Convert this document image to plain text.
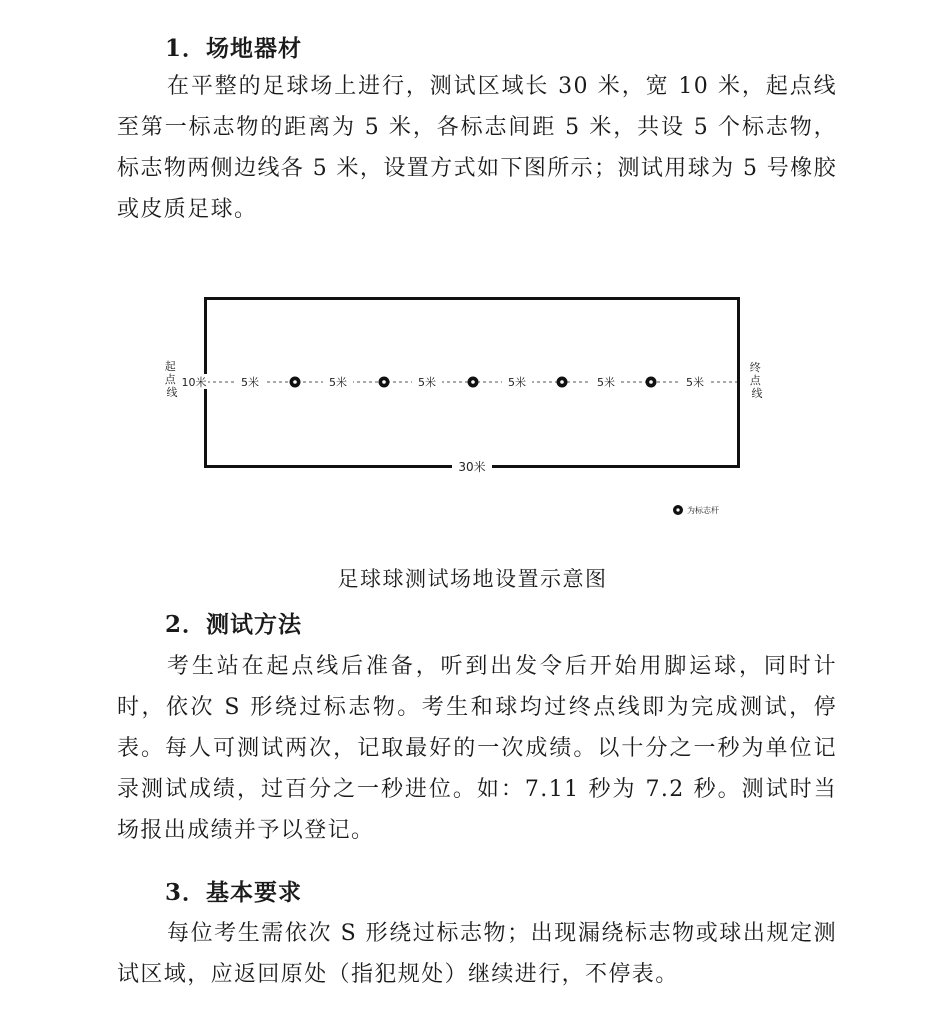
1．场地器材

在平整的足球场上进行，测试区域长 30 米，宽 10 米，起点线至第一标志物的距离为 5 米，各标志间距 5 米，共设 5 个标志物，标志物两侧边线各 5 米，设置方式如下图所示；测试用球为 5 号橡胶或皮质足球。

起 点 线
终 点 线
10米	5米	5米	5米	5米	5米	5米
30米
为标志杆
足球球测试场地设置示意图
2．测试方法

考生站在起点线后准备，听到出发令后开始用脚运球，同时计时，依次 S 形绕过标志物。考生和球均过终点线即为完成测试，停表。每人可测试两次，记取最好的一次成绩。以十分之一秒为单位记录测试成绩，过百分之一秒进位。如：7.11 秒为 7.2 秒。测试时当场报出成绩并予以登记。

3．基本要求

每位考生需依次 S 形绕过标志物；出现漏绕标志物或球出规定测试区域，应返回原处（指犯规处）继续进行，不停表。
